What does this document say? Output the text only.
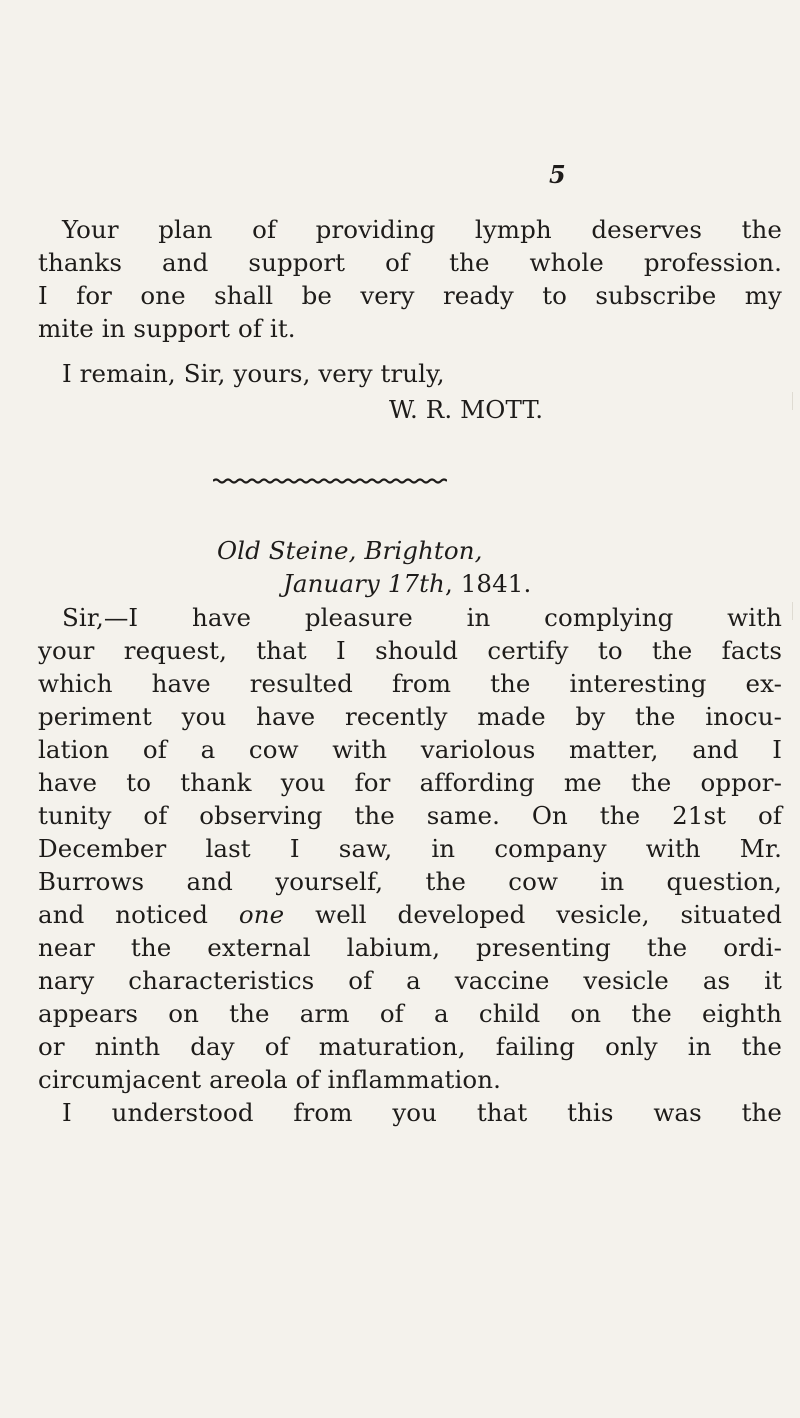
5
Your plan of providing lymph deserves the
thanks and support of the whole profession.
I for one shall be very ready to subscribe my
mite in support of it.
I remain, Sir, yours, very truly,
W. R. MOTT.
Old Steine, Brighton,
January 17th, 1841.
Sir,—I have pleasure in complying with
your request, that I should certify to the facts
which have resulted from the interesting ex-
periment you have recently made by the inocu-
lation of a cow with variolous matter, and I
have to thank you for affording me the oppor-
tunity of observing the same. On the 21st of
December last I saw, in company with Mr.
Burrows and yourself, the cow in question,
and noticed one well developed vesicle, situated
near the external labium, presenting the ordi-
nary characteristics of a vaccine vesicle as it
appears on the arm of a child on the eighth
or ninth day of maturation, failing only in the
circumjacent areola of inflammation.
I understood from you that this was the
